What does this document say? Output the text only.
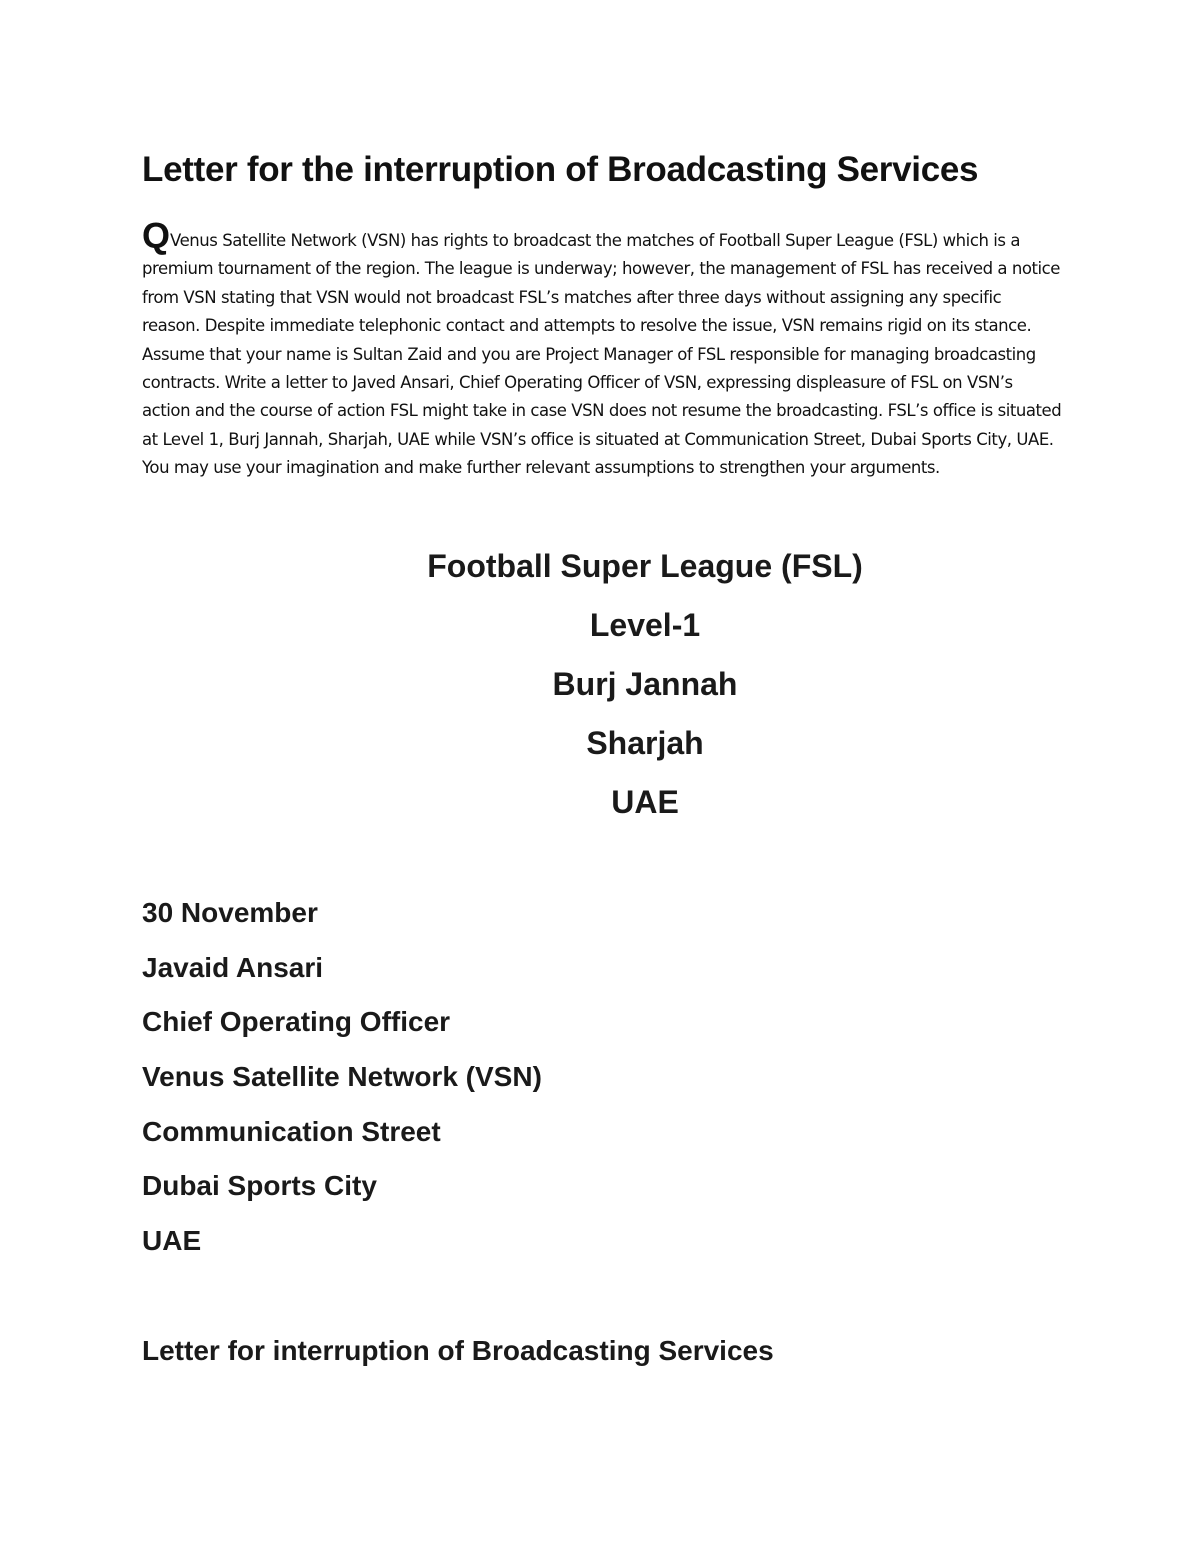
Letter for the interruption of Broadcasting Services

QVenus Satellite Network (VSN) has rights to broadcast the matches of Football Super League (FSL) which is a premium tournament of the region. The league is underway; however, the management of FSL has received a notice from VSN stating that VSN would not broadcast FSL’s matches after three days without assigning any specific reason. Despite immediate telephonic contact and attempts to resolve the issue, VSN remains rigid on its stance. Assume that your name is Sultan Zaid and you are Project Manager of FSL responsible for managing broadcasting contracts. Write a letter to Javed Ansari, Chief Operating Officer of VSN, expressing displeasure of FSL on VSN’s action and the course of action FSL might take in case VSN does not resume the broadcasting. FSL’s office is situated at Level 1, Burj Jannah, Sharjah, UAE while VSN’s office is situated at Communication Street, Dubai Sports City, UAE. You may use your imagination and make further relevant assumptions to strengthen your arguments.

Football Super League (FSL)
Level-1
Burj Jannah
Sharjah
UAE
30 November
Javaid Ansari
Chief Operating Officer
Venus Satellite Network (VSN)
Communication Street
Dubai Sports City
UAE

Letter for interruption of Broadcasting Services
